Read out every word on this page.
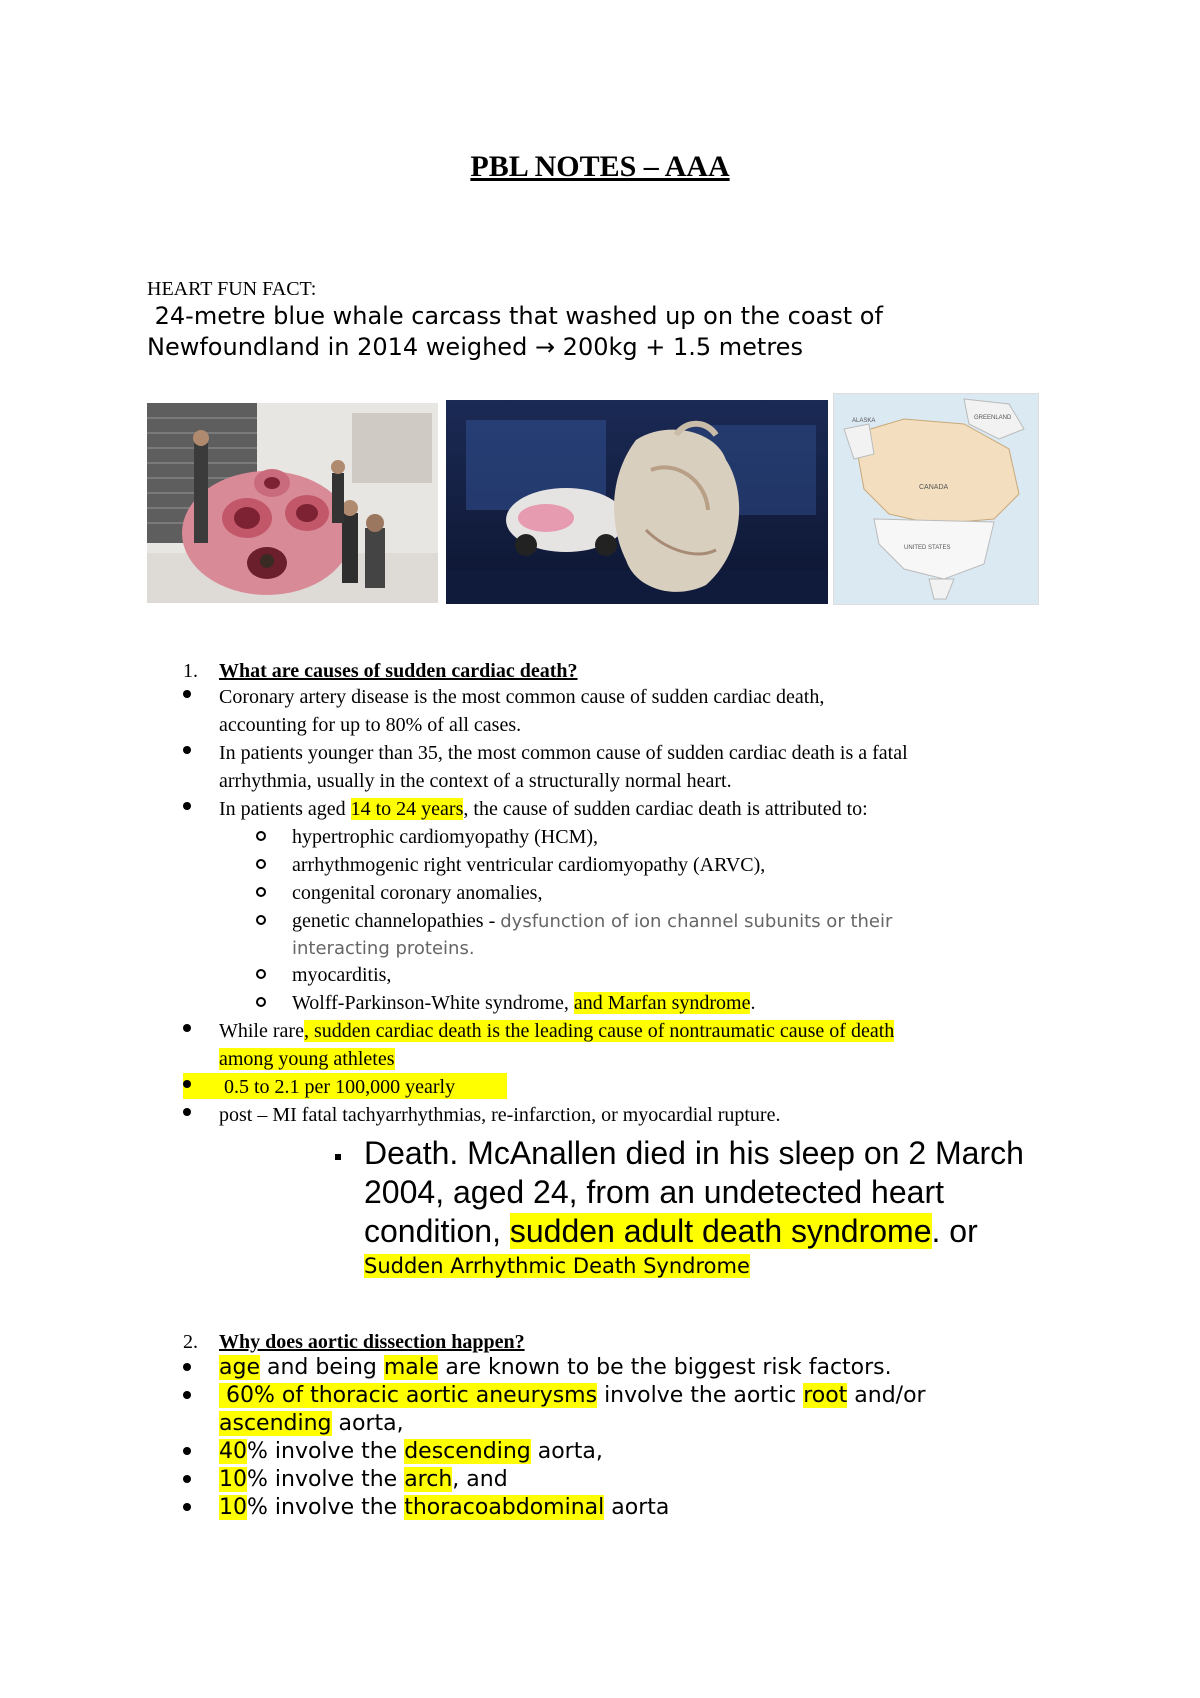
PBL NOTES – AAA
HEART FUN FACT:
24-metre blue whale carcass that washed up on the coast of
Newfoundland in 2014 weighed → 200kg + 1.5 metres
ALASKA	GREENLAND
CANADA
UNITED STATES
1. What are causes of sudden cardiac death?
Coronary artery disease is the most common cause of sudden cardiac death,
accounting for up to 80% of all cases.
In patients younger than 35, the most common cause of sudden cardiac death is a fatal
arrhythmia, usually in the context of a structurally normal heart.
In patients aged 14 to 24 years, the cause of sudden cardiac death is attributed to:
hypertrophic cardiomyopathy (HCM),
arrhythmogenic right ventricular cardiomyopathy (ARVC),
congenital coronary anomalies,
genetic channelopathies - dysfunction of ion channel subunits or their
interacting proteins.
myocarditis,
Wolff-Parkinson-White syndrome, and Marfan syndrome.
While rare, sudden cardiac death is the leading cause of nontraumatic cause of death
among young athletes
0.5 to 2.1 per 100,000 yearly
post – MI fatal tachyarrhythmias, re-infarction, or myocardial rupture.
Death. McAnallen died in his sleep on 2 March
2004, aged 24, from an undetected heart
condition, sudden adult death syndrome. or
Sudden Arrhythmic Death Syndrome
2. Why does aortic dissection happen?
age and being male are known to be the biggest risk factors.
60% of thoracic aortic aneurysms involve the aortic root and/or
ascending aorta,
40% involve the descending aorta,
10% involve the arch, and
10% involve the thoracoabdominal aorta
